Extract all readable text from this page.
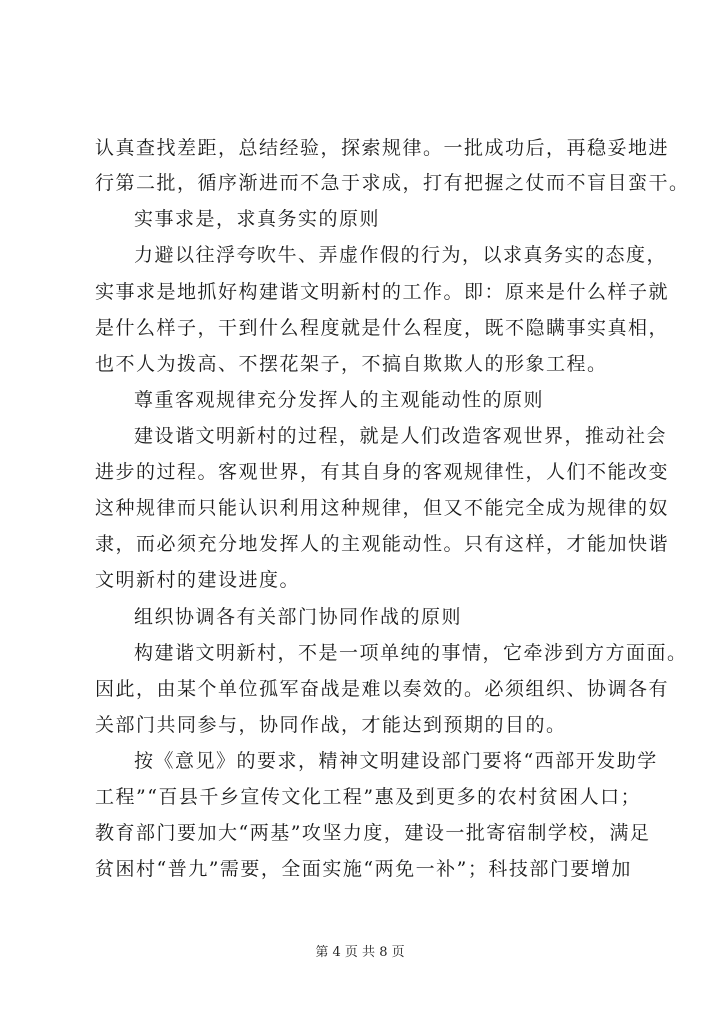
认真查找差距，总结经验，探索规律。一批成功后，再稳妥地进

行第二批，循序渐进而不急于求成，打有把握之仗而不盲目蛮干。

实事求是，求真务实的原则

力避以往浮夸吹牛、弄虚作假的行为，以求真务实的态度，

实事求是地抓好构建谐文明新村的工作。即：原来是什么样子就

是什么样子，干到什么程度就是什么程度，既不隐瞒事实真相，

也不人为拨高、不摆花架子，不搞自欺欺人的形象工程。

尊重客观规律充分发挥人的主观能动性的原则

建设谐文明新村的过程，就是人们改造客观世界，推动社会

进步的过程。客观世界，有其自身的客观规律性，人们不能改变

这种规律而只能认识利用这种规律，但又不能完全成为规律的奴

隶，而必须充分地发挥人的主观能动性。只有这样，才能加快谐

文明新村的建设进度。

组织协调各有关部门协同作战的原则

构建谐文明新村，不是一项单纯的事情，它牵涉到方方面面。

因此，由某个单位孤军奋战是难以奏效的。必须组织、协调各有

关部门共同参与，协同作战，才能达到预期的目的。

按《意见》的要求，精神文明建设部门要将“西部开发助学

工程”“百县千乡宣传文化工程”惠及到更多的农村贫困人口；

教育部门要加大“两基”攻坚力度，建设一批寄宿制学校，满足

贫困村“普九”需要，全面实施“两免一补”；科技部门要增加

第 4 页 共 8 页
